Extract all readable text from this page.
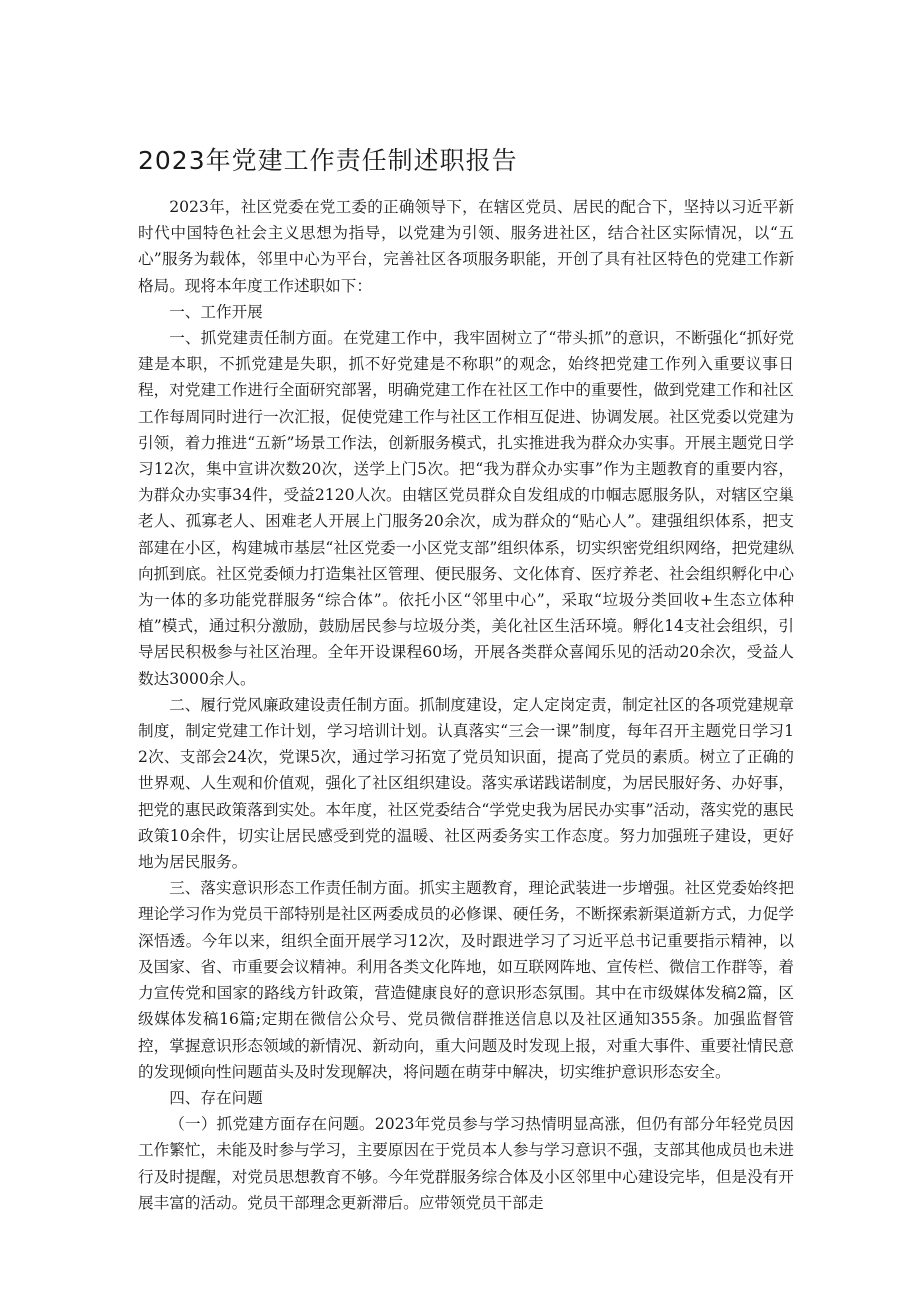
2023年党建工作责任制述职报告

2023年，社区党委在党工委的正确领导下，在辖区党员、居民的配合下，坚持以习近平新时代中国特色社会主义思想为指导，以党建为引领、服务进社区，结合社区实际情况，以“五心”服务为载体，邻里中心为平台，完善社区各项服务职能，开创了具有社区特色的党建工作新格局。现将本年度工作述职如下：

一、工作开展

一、抓党建责任制方面。在党建工作中，我牢固树立了“带头抓”的意识，不断强化“抓好党建是本职，不抓党建是失职，抓不好党建是不称职”的观念，始终把党建工作列入重要议事日程，对党建工作进行全面研究部署，明确党建工作在社区工作中的重要性，做到党建工作和社区工作每周同时进行一次汇报，促使党建工作与社区工作相互促进、协调发展。社区党委以党建为引领，着力推进“五新”场景工作法，创新服务模式，扎实推进我为群众办实事。开展主题党日学习12次，集中宣讲次数20次，送学上门5次。把“我为群众办实事”作为主题教育的重要内容，为群众办实事34件，受益2120人次。由辖区党员群众自发组成的巾帼志愿服务队，对辖区空巢老人、孤寡老人、困难老人开展上门服务20余次，成为群众的“贴心人”。建强组织体系，把支部建在小区，构建城市基层“社区党委一小区党支部”组织体系，切实织密党组织网络，把党建纵向抓到底。社区党委倾力打造集社区管理、便民服务、文化体育、医疗养老、社会组织孵化中心为一体的多功能党群服务“综合体”。依托小区“邻里中心”，采取“垃圾分类回收+生态立体种植”模式，通过积分激励，鼓励居民参与垃圾分类，美化社区生活环境。孵化14支社会组织，引导居民积极参与社区治理。全年开设课程60场，开展各类群众喜闻乐见的活动20余次，受益人数达3000余人。

二、履行党风廉政建设责任制方面。抓制度建设，定人定岗定责，制定社区的各项党建规章制度，制定党建工作计划，学习培训计划。认真落实“三会一课”制度，每年召开主题党日学习12次、支部会24次，党课5次，通过学习拓宽了党员知识面，提高了党员的素质。树立了正确的世界观、人生观和价值观，强化了社区组织建设。落实承诺践诺制度，为居民服好务、办好事，把党的惠民政策落到实处。本年度，社区党委结合“学党史我为居民办实事”活动，落实党的惠民政策10余件，切实让居民感受到党的温暖、社区两委务实工作态度。努力加强班子建设，更好地为居民服务。

三、落实意识形态工作责任制方面。抓实主题教育，理论武装进一步增强。社区党委始终把理论学习作为党员干部特别是社区两委成员的必修课、硬任务，不断探索新渠道新方式，力促学深悟透。今年以来，组织全面开展学习12次，及时跟进学习了习近平总书记重要指示精神，以及国家、省、市重要会议精神。利用各类文化阵地，如互联网阵地、宣传栏、微信工作群等，着力宣传党和国家的路线方针政策，营造健康良好的意识形态氛围。其中在市级媒体发稿2篇，区级媒体发稿16篇;定期在微信公众号、党员微信群推送信息以及社区通知355条。加强监督管控，掌握意识形态领域的新情况、新动向，重大问题及时发现上报，对重大事件、重要社情民意的发现倾向性问题苗头及时发现解决，将问题在萌芽中解决，切实维护意识形态安全。

四、存在问题

（一）抓党建方面存在问题。2023年党员参与学习热情明显高涨，但仍有部分年轻党员因工作繁忙，未能及时参与学习，主要原因在于党员本人参与学习意识不强，支部其他成员也未进行及时提醒，对党员思想教育不够。今年党群服务综合体及小区邻里中心建设完毕，但是没有开展丰富的活动。党员干部理念更新滞后。应带领党员干部走
